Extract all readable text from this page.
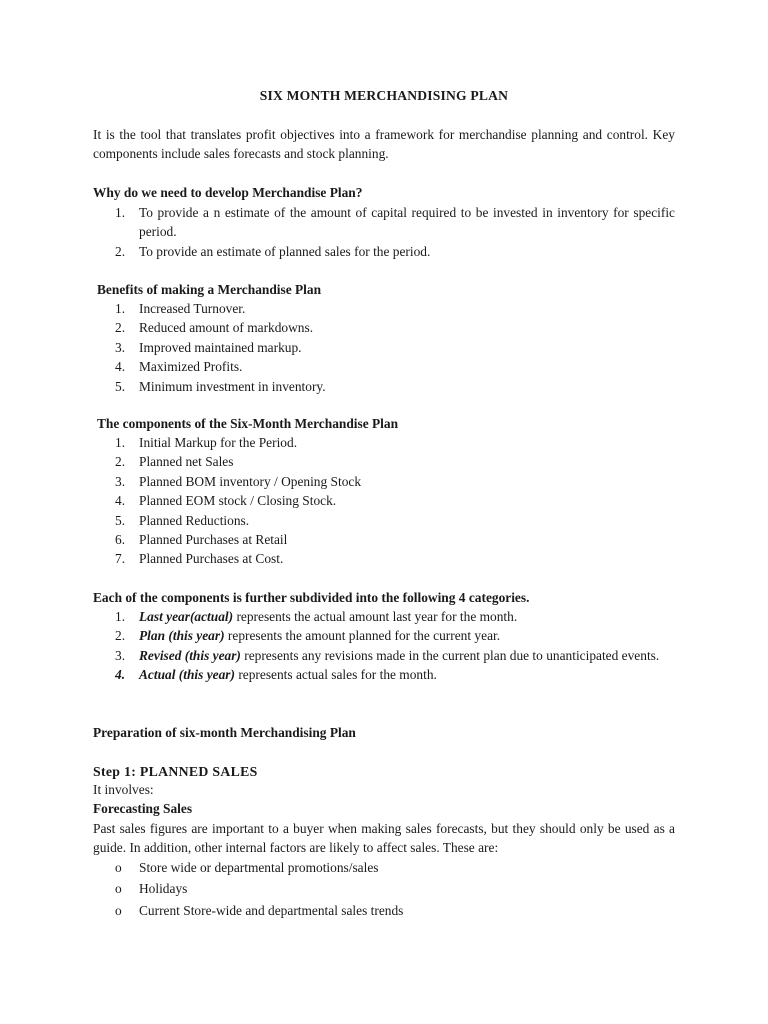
SIX MONTH MERCHANDISING PLAN
It is the tool that translates profit objectives into a framework for merchandise planning and control. Key components include sales forecasts and stock planning.
Why do we need to develop Merchandise Plan?
1. To provide a n estimate of the amount of capital required to be invested in inventory for specific period.
2. To provide an estimate of planned sales for the period.
Benefits of making a Merchandise Plan
1. Increased Turnover.
2. Reduced amount of markdowns.
3. Improved maintained markup.
4. Maximized Profits.
5. Minimum investment in inventory.
The components of the Six-Month Merchandise Plan
1. Initial Markup for the Period.
2. Planned net Sales
3. Planned BOM inventory / Opening Stock
4. Planned EOM stock / Closing Stock.
5. Planned Reductions.
6. Planned Purchases at Retail
7. Planned Purchases at Cost.
Each of the components is further subdivided into the following 4 categories.
1. Last year(actual) represents the actual amount last year for the month.
2. Plan (this year) represents the amount planned for the current year.
3. Revised (this year) represents any revisions made in the current plan due to unanticipated events.
4. Actual (this year) represents actual sales for the month.
Preparation of six-month Merchandising Plan
Step 1: PLANNED SALES
It involves:
Forecasting Sales
Past sales figures are important to a buyer when making sales forecasts, but they should only be used as a guide. In addition, other internal factors are likely to affect sales. These are:
o Store wide or departmental promotions/sales
o Holidays
o Current Store-wide and departmental sales trends
